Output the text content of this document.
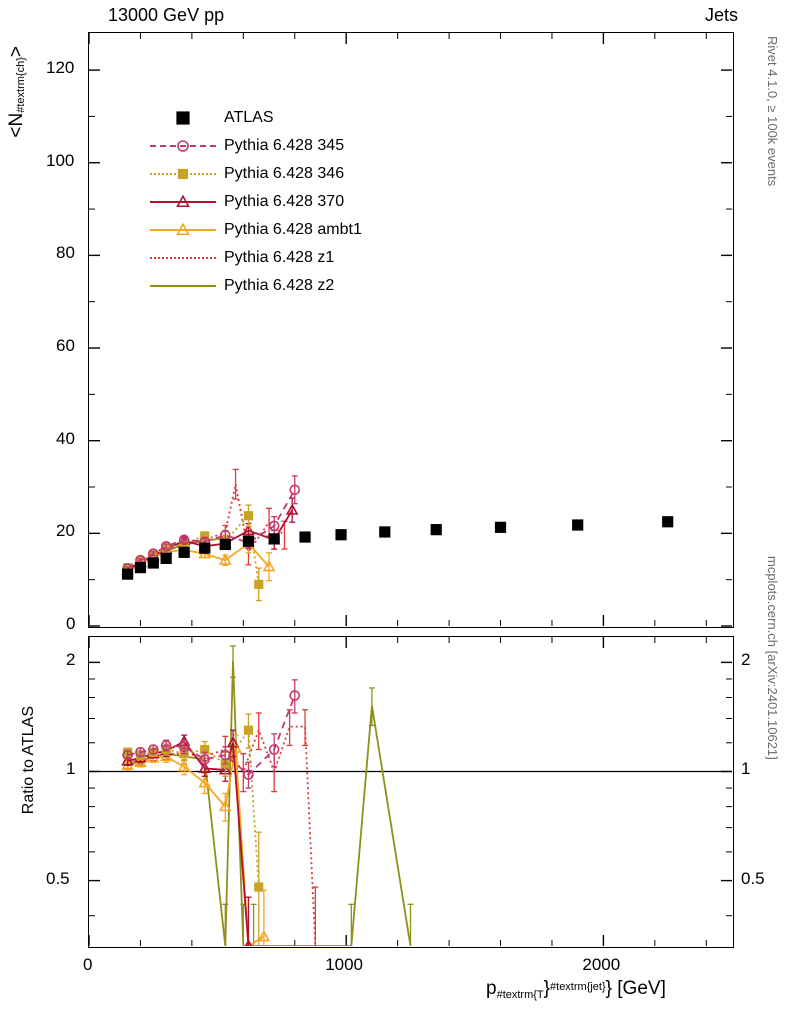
13000 GeV pp	Jets
Rivet 4.1.0, ≥ 100k events
mcplots.cern.ch [arXiv:2401.10621]
$<N_{\#textrm\{ch\}}>$
Ratio to ATLAS
$p_{\#textrm\{T}\}^{\#textrm\{jet\}}$} [GeV]
0
20
40
60
80
100
120
0.5	0.5
1	1
2	2
0	1000	2000
ATLAS
Pythia 6.428 345
Pythia 6.428 346
Pythia 6.428 370
Pythia 6.428 ambt1
Pythia 6.428 z1
Pythia 6.428 z2
